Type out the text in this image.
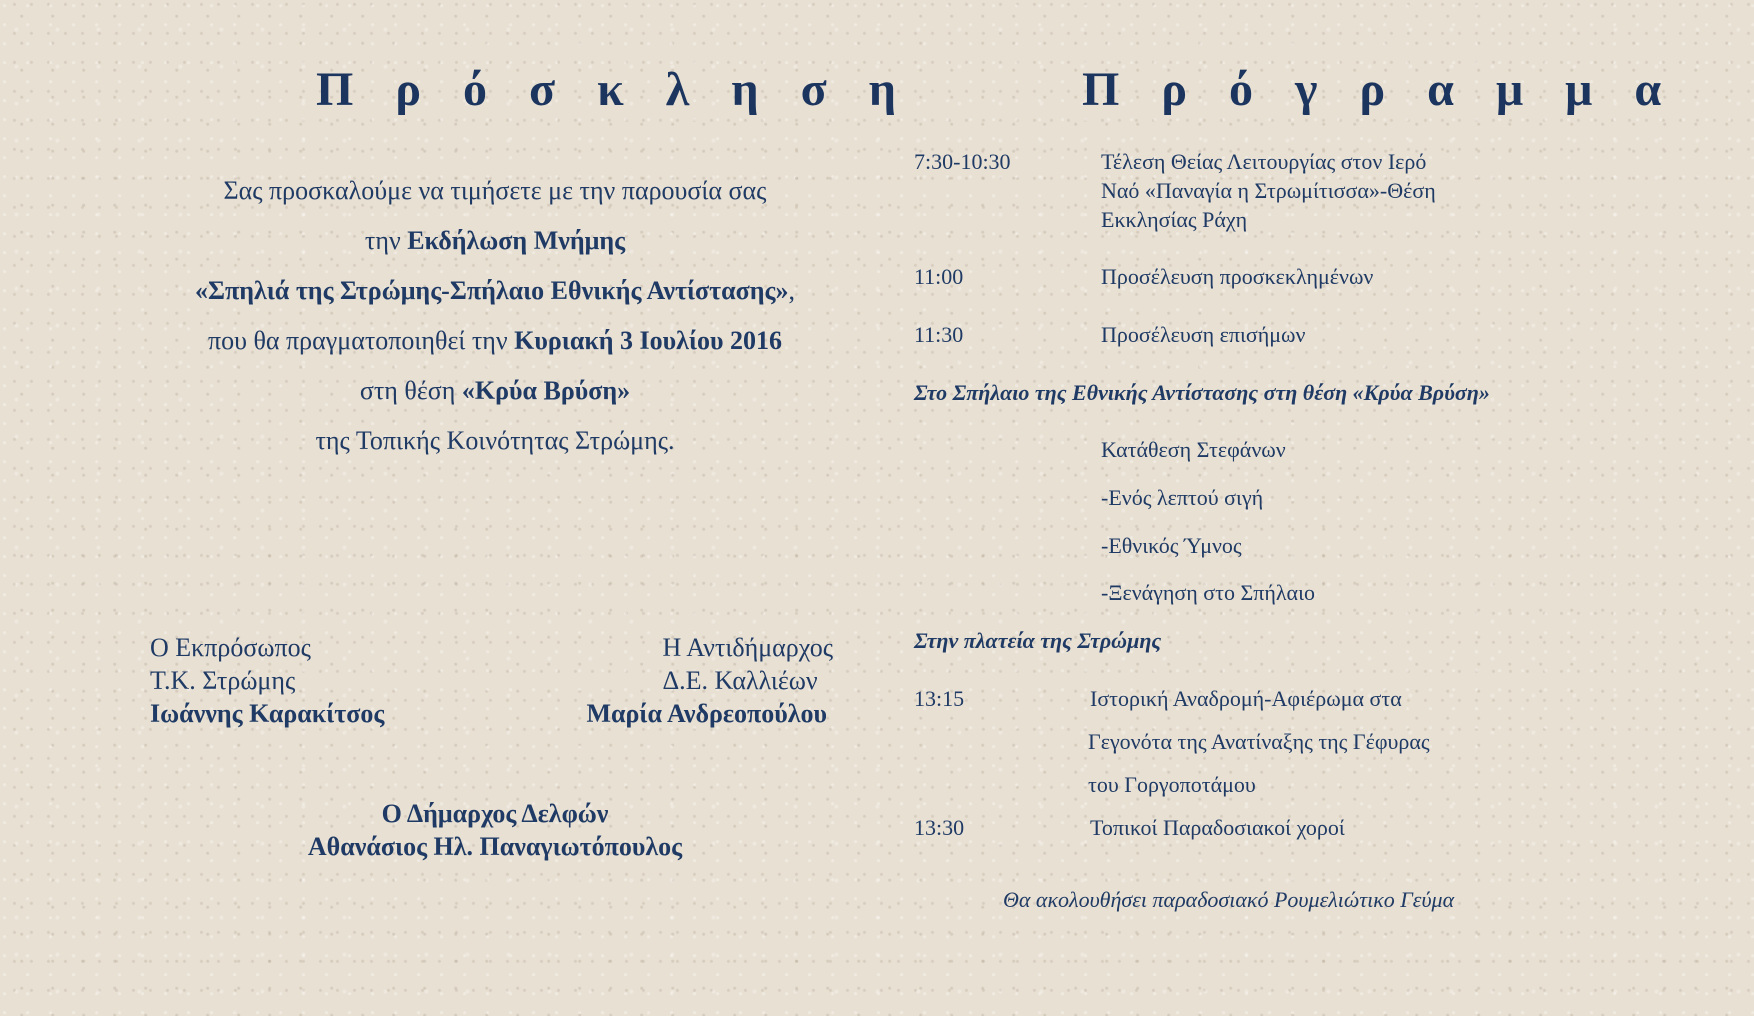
Π ρ ό σ κ λ η σ η
Σας προσκαλούμε να τιμήσετε με την παρουσία σας
την Εκδήλωση Μνήμης
«Σπηλιά της Στρώμης-Σπήλαιο Εθνικής Αντίστασης»,
που θα πραγματοποιηθεί την Κυριακή 3 Ιουλίου 2016
στη θέση «Κρύα Βρύση»
της Τοπικής Κοινότητας Στρώμης.
Ο Εκπρόσωπος
Τ.Κ. Στρώμης
Ιωάννης Καρακίτσος
Η Αντιδήμαρχος
Δ.Ε. Καλλιέων
Μαρία Ανδρεοπούλου
Ο Δήμαρχος Δελφών
Αθανάσιος Ηλ. Παναγιωτόπουλος
Π ρ ό γ ρ α μ μ α
7:30-10:30	Τέλεση Θείας Λειτουργίας στον Ιερό
Ναό «Παναγία η Στρωμίτισσα»-Θέση
Εκκλησίας Ράχη
11:00	Προσέλευση προσκεκλημένων
11:30	Προσέλευση επισήμων
Στο Σπήλαιο της Εθνικής Αντίστασης στη θέση «Κρύα Βρύση»
Κατάθεση Στεφάνων
-Ενός λεπτού σιγή
-Εθνικός Ύμνος
-Ξενάγηση στο Σπήλαιο
Στην πλατεία της Στρώμης
13:15	Ιστορική Αναδρομή-Αφιέρωμα στα
Γεγονότα της Ανατίναξης της Γέφυρας
του Γοργοποτάμου
13:30	Τοπικοί Παραδοσιακοί χοροί
Θα ακολουθήσει παραδοσιακό Ρουμελιώτικο Γεύμα
